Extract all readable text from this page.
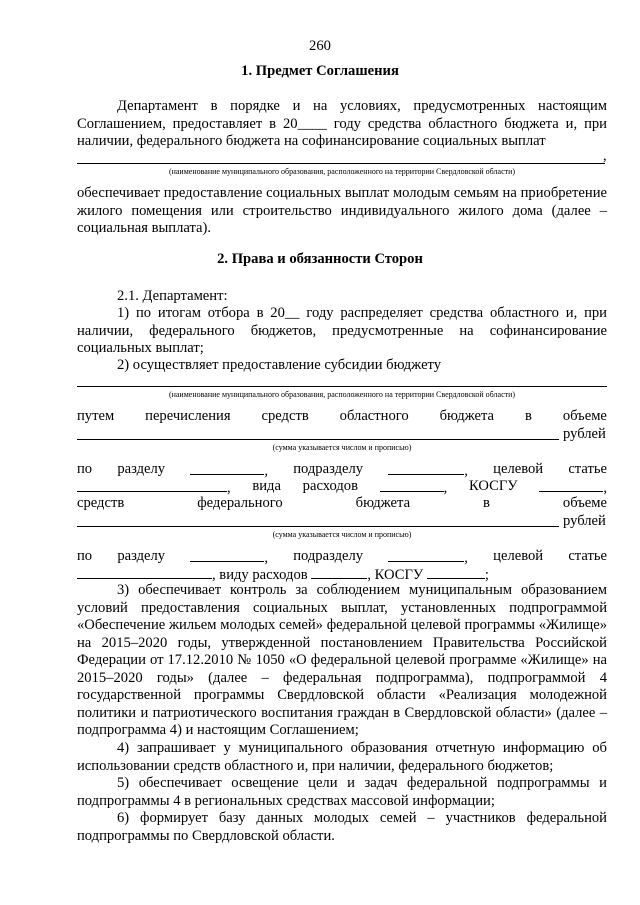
260
1. Предмет Соглашения
Департамент в порядке и на условиях, предусмотренных настоящим Соглашением, предоставляет в 20____ году средства областного бюджета и, при наличии, федерального бюджета на софинансирование социальных выплат
,
(наименование муниципального образования, расположенного на территории Свердловской области)
обеспечивает предоставление социальных выплат молодым семьям на приобретение жилого помещения или строительство индивидуального жилого дома (далее – социальная выплата).
2. Права и обязанности Сторон
2.1. Департамент:
1) по итогам отбора в 20__ году распределяет средства областного и, при наличии, федерального бюджетов, предусмотренные на софинансирование социальных выплат;
2) осуществляет предоставление субсидии бюджету
(наименование муниципального образования, расположенного на территории Свердловской области)
путем перечисления средств областного бюджета в объеме
рублей
(сумма указывается числом и прописью)
по разделу	, подразделу	, целевой статье
, вида расходов	, КОСГУ	,
средств	федерального	бюджета	в	объеме
рублей
(сумма указывается числом и прописью)
по разделу	, подразделу	, целевой статье
, виду расходов	, КОСГУ	;
3) обеспечивает контроль за соблюдением муниципальным образованием условий предоставления социальных выплат, установленных подпрограммой «Обеспечение жильем молодых семей» федеральной целевой программы «Жилище» на 2015–2020 годы, утвержденной постановлением Правительства Российской Федерации от 17.12.2010 № 1050 «О федеральной целевой программе «Жилище» на 2015–2020 годы» (далее – федеральная подпрограмма), подпрограммой 4 государственной программы Свердловской области «Реализация молодежной политики и патриотического воспитания граждан в Свердловской области» (далее – подпрограмма 4) и настоящим Соглашением;
4) запрашивает у муниципального образования отчетную информацию об использовании средств областного и, при наличии, федерального бюджетов;
5) обеспечивает освещение цели и задач федеральной подпрограммы и подпрограммы 4 в региональных средствах массовой информации;
6) формирует базу данных молодых семей – участников федеральной подпрограммы по Свердловской области.
